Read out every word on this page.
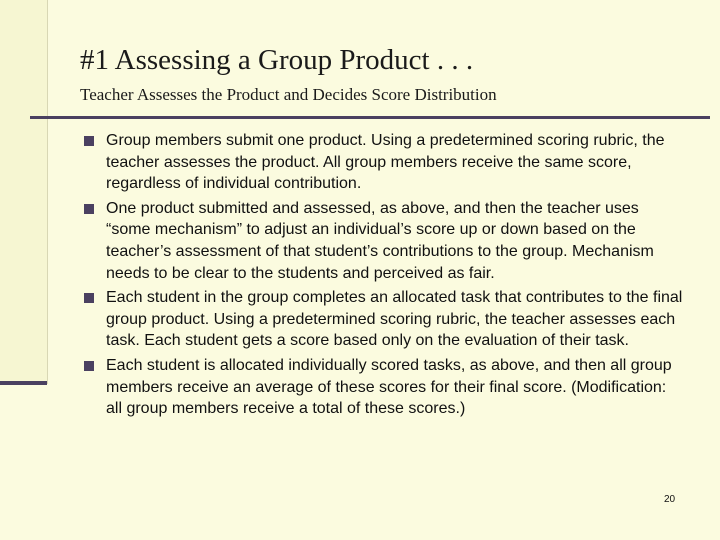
#1 Assessing a Group Product . . .
Teacher Assesses the Product and Decides Score Distribution
Group members submit one product. Using a predetermined scoring rubric, the teacher assesses the product. All group members receive the same score, regardless of individual contribution.
One product submitted and assessed, as above, and then the teacher uses “some mechanism” to adjust an individual’s score up or down based on the teacher’s assessment of that student’s contributions to the group. Mechanism needs to be clear to the students and perceived as fair.
Each student in the group completes an allocated task that contributes to the final group product. Using a predetermined scoring rubric, the teacher assesses each task. Each student gets a score based only on the evaluation of their task.
Each student is allocated individually scored tasks, as above, and then all group members receive an average of these scores for their final score. (Modification: all group members receive a total of these scores.)
20
